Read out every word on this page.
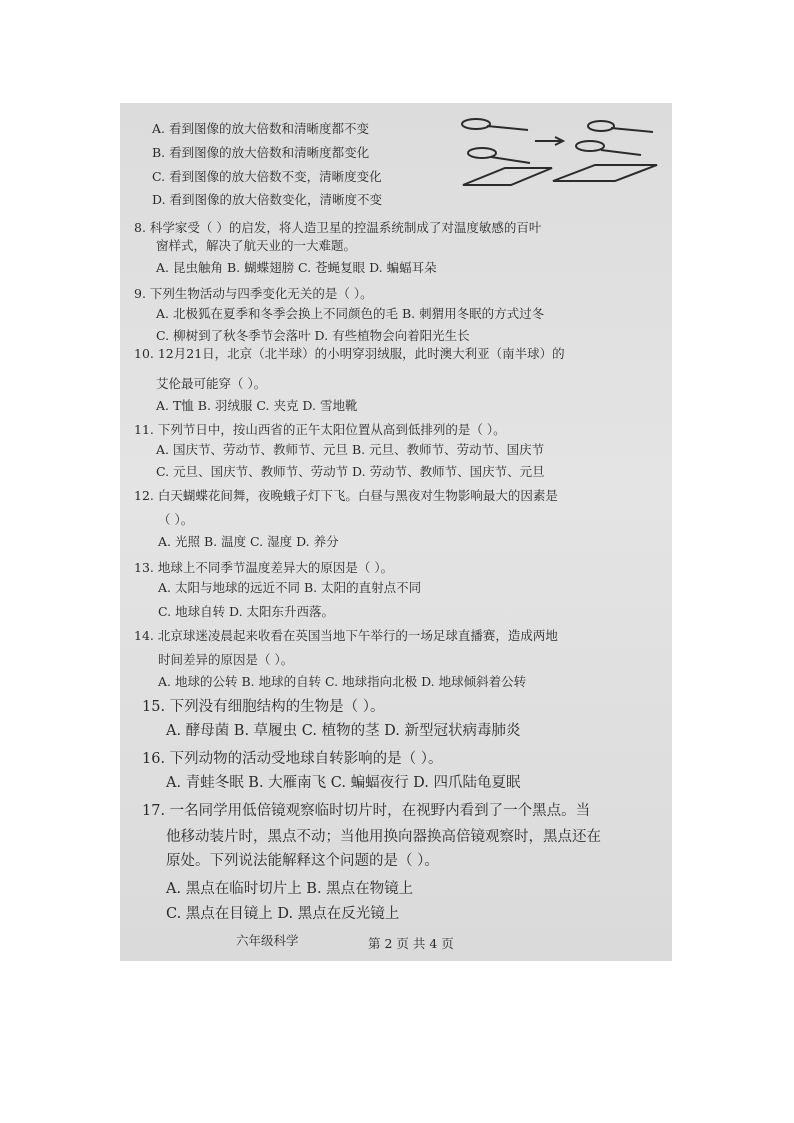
A. 看到图像的放大倍数和清晰度都不变
B. 看到图像的放大倍数和清晰度都变化
C. 看到图像的放大倍数不变，清晰度变化
D. 看到图像的放大倍数变化，清晰度不变
8. 科学家受（ ）的启发，将人造卫星的控温系统制成了对温度敏感的百叶
窗样式，解决了航天业的一大难题。
A. 昆虫触角 B. 蝴蝶翅膀 C. 苍蝇复眼 D. 蝙蝠耳朵
9. 下列生物活动与四季变化无关的是（ ）。
A. 北极狐在夏季和冬季会换上不同颜色的毛 B. 刺猬用冬眠的方式过冬
C. 柳树到了秋冬季节会落叶 D. 有些植物会向着阳光生长
10. 12月21日，北京（北半球）的小明穿羽绒服，此时澳大利亚（南半球）的
艾伦最可能穿（ ）。
A. T恤 B. 羽绒服 C. 夹克 D. 雪地靴
11. 下列节日中，按山西省的正午太阳位置从高到低排列的是（ ）。
A. 国庆节、劳动节、教师节、元旦 B. 元旦、教师节、劳动节、国庆节
C. 元旦、国庆节、教师节、劳动节 D. 劳动节、教师节、国庆节、元旦
12. 白天蝴蝶花间舞，夜晚蛾子灯下飞。白昼与黑夜对生物影响最大的因素是
（ ）。
A. 光照 B. 温度 C. 湿度 D. 养分
13. 地球上不同季节温度差异大的原因是（ ）。
A. 太阳与地球的远近不同 B. 太阳的直射点不同
C. 地球自转 D. 太阳东升西落。
14. 北京球迷凌晨起来收看在英国当地下午举行的一场足球直播赛，造成两地
时间差异的原因是（ ）。
A. 地球的公转 B. 地球的自转 C. 地球指向北极 D. 地球倾斜着公转
15. 下列没有细胞结构的生物是（ ）。
A. 酵母菌 B. 草履虫 C. 植物的茎 D. 新型冠状病毒肺炎
16. 下列动物的活动受地球自转影响的是（ ）。
A. 青蛙冬眠 B. 大雁南飞 C. 蝙蝠夜行 D. 四爪陆龟夏眠
17. 一名同学用低倍镜观察临时切片时，在视野内看到了一个黑点。当
他移动装片时，黑点不动；当他用换向器换高倍镜观察时，黑点还在
原处。下列说法能解释这个问题的是（ ）。
A. 黑点在临时切片上 B. 黑点在物镜上
C. 黑点在目镜上 D. 黑点在反光镜上
六年级科学	第 2 页 共 4 页
